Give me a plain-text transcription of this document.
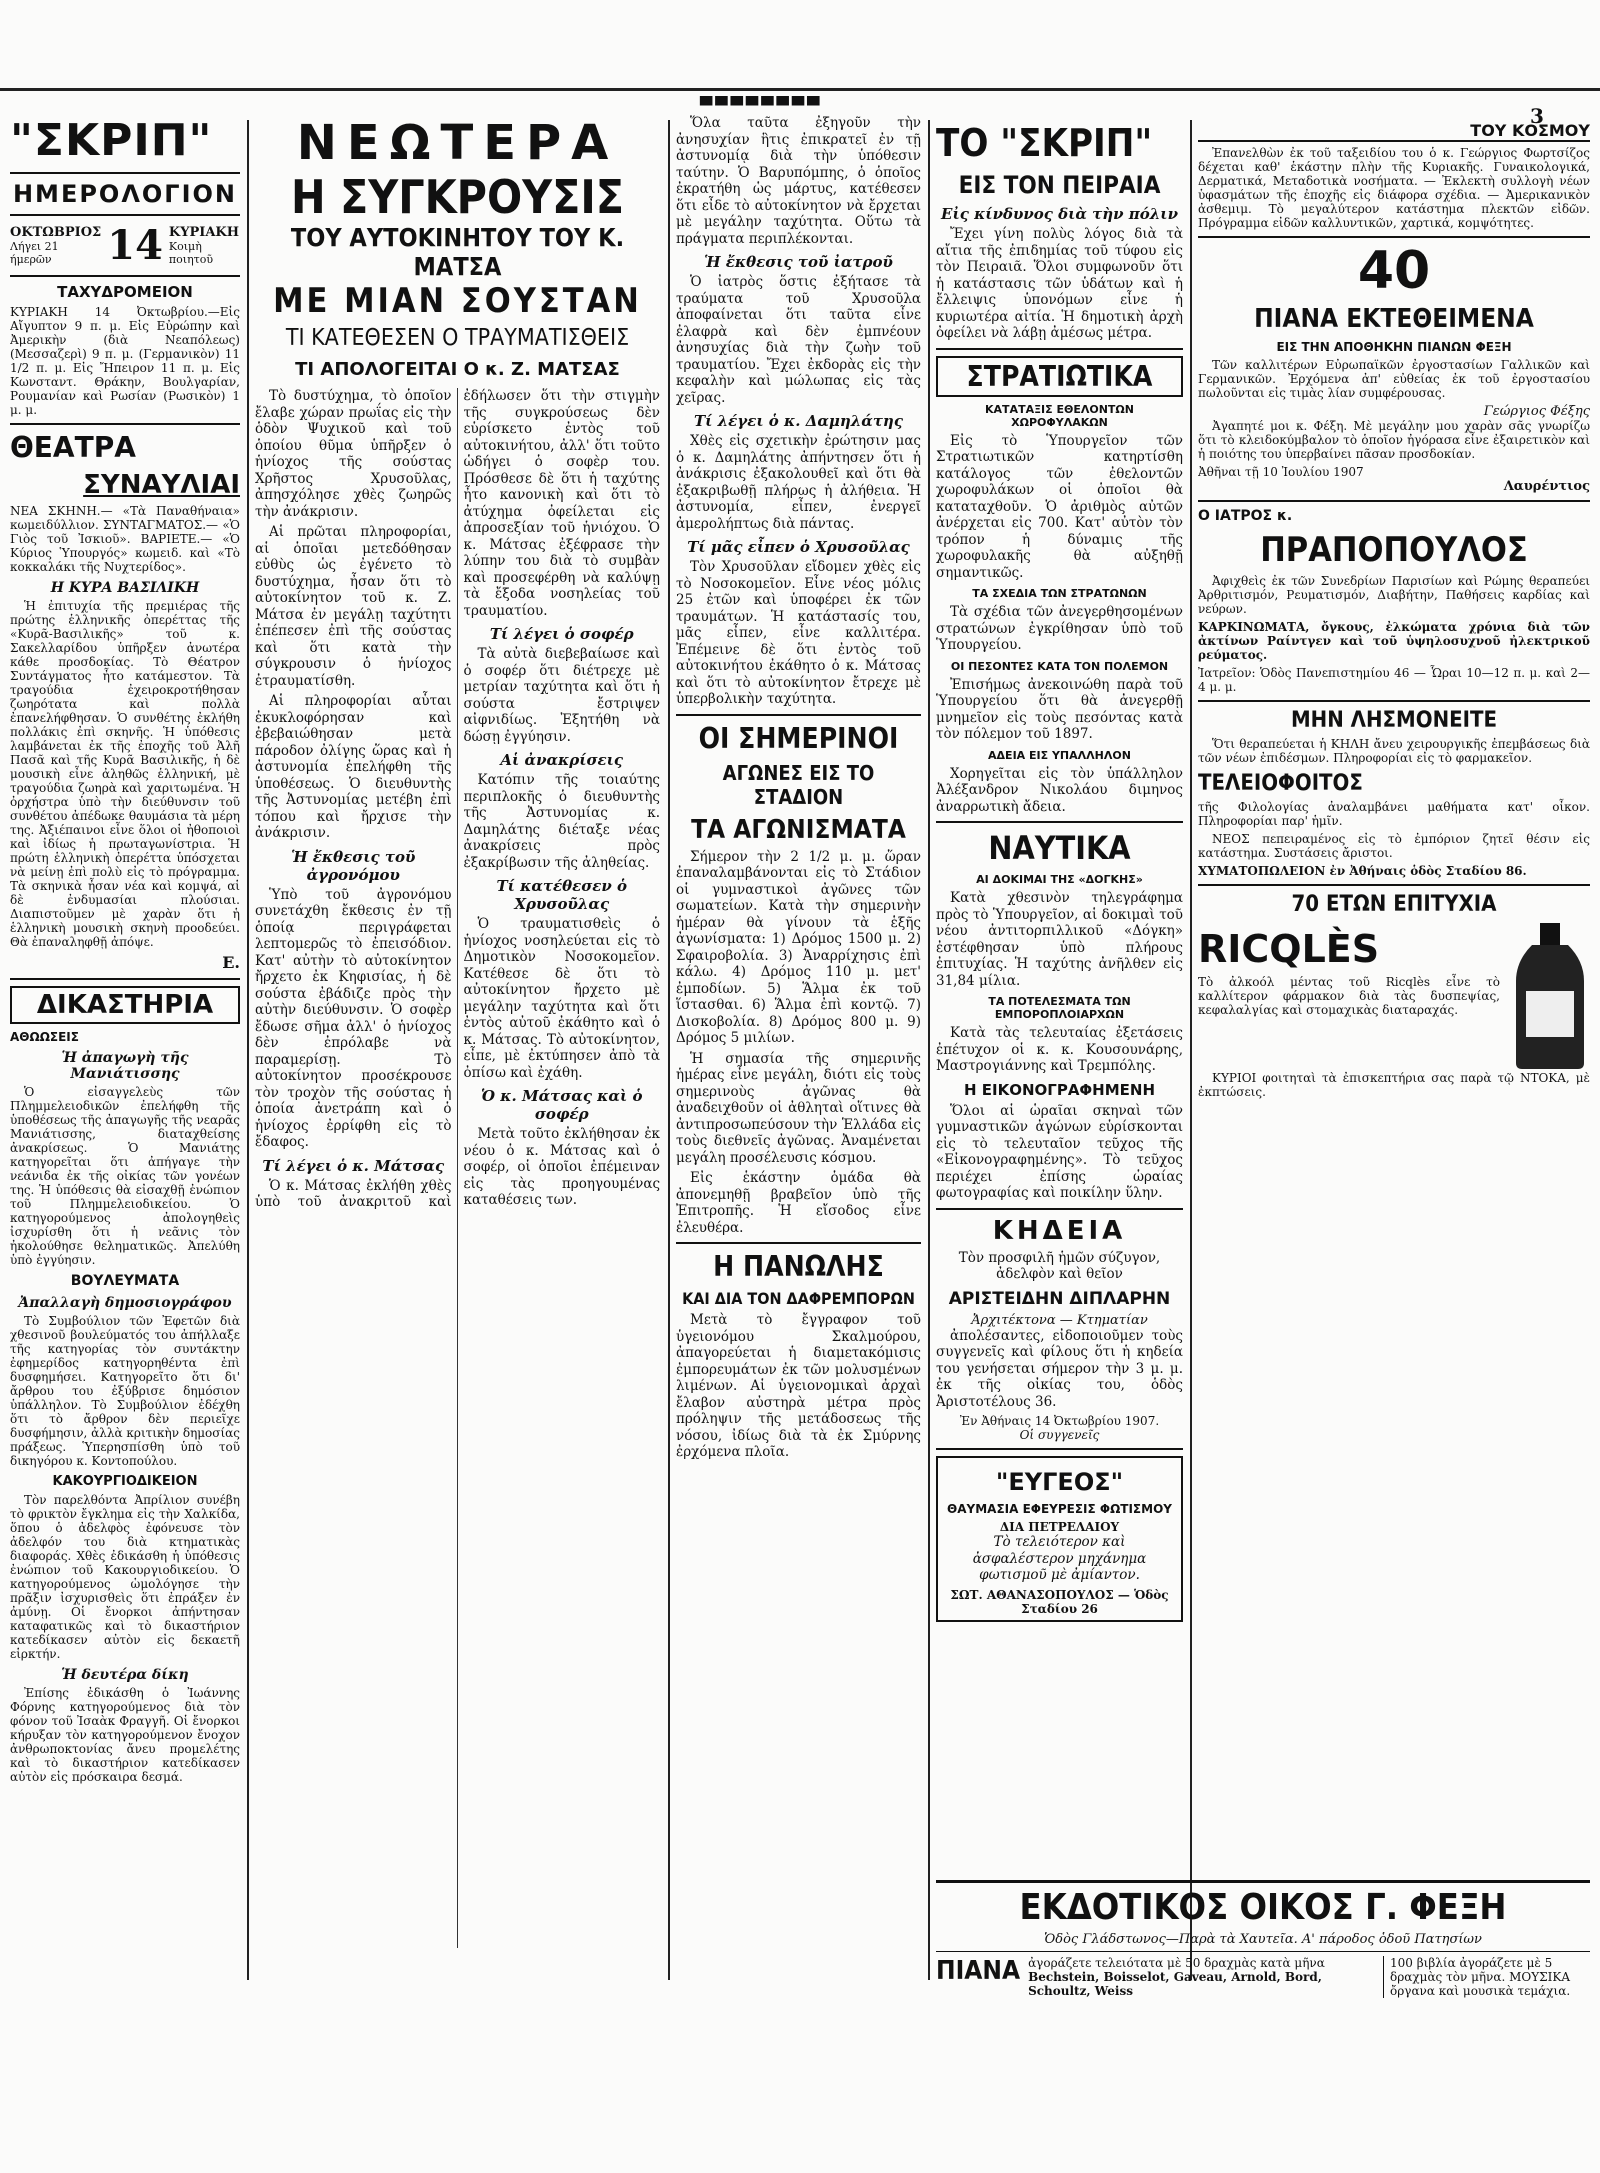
▀▀▀▀▀▀▀▀	3
"ΣΚΡΙΠ"
ΗΜΕΡΟΛΟΓΙΟΝ
ΟΚΤΩΒΡΙΟΣ
Λήγει 21 ήμερῶν	14 ΚΥΡΙΑΚΗ
Κοιμὴ ποιητοῦ
ΤΑΧΥΔΡΟΜΕΙΟΝ

ΚΥΡΙΑΚΗ 14 Ὀκτωβρίου.—Εἰς Αἴγυπτον 9 π. μ. Εἰς Εὐρώπην καὶ Ἀμερικὴν (διὰ Νεαπόλεως) (Μεσσαζερὶ) 9 π. μ. (Γερμανικὸν) 11 1/2 π. μ. Εἰς Ἤπειρον 11 π. μ. Εἰς Κωνσταντ. Θράκην, Βουλγαρίαν, Ρουμανίαν καὶ Ρωσίαν (Ρωσικὸν) 1 μ. μ.

ΘΕΑΤΡΑ
ΣΥΝΑΥΛΙΑΙ

ΝΕΑ ΣΚΗΝΗ.— «Τὰ Παναθήναια» κωμειδύλλιον. ΣΥΝΤΑΓΜΑΤΟΣ.— «Ὁ Γιὸς τοῦ Ἰσκιοῦ». ΒΑΡΙΕΤΕ.— «Ὁ Κύριος Ὑπουργός» κωμειδ. καὶ «Τὸ κοκκαλάκι τῆς Νυχτερίδος».

Η ΚΥΡΑ ΒΑΣΙΛΙΚΗ

Ἡ ἐπιτυχία τῆς πρεμιέρας τῆς πρώτης ἑλληνικῆς ὀπερέττας τῆς «Κυρᾶ-Βασιλικῆς» τοῦ κ. Σακελλαρίδου ὑπῆρξεν ἀνωτέρα κάθε προσδοκίας. Τὸ Θέατρον Συντάγματος ἦτο κατάμεστον. Τὰ τραγούδια ἐχειροκροτήθησαν ζωηρότατα καὶ πολλὰ ἐπανελήφθησαν. Ὁ συνθέτης ἐκλήθη πολλάκις ἐπὶ σκηνῆς. Ἡ ὑπόθεσις λαμβάνεται ἐκ τῆς ἐποχῆς τοῦ Ἀλῆ Πασᾶ καὶ τῆς Κυρᾶ Βασιλικῆς, ἡ δὲ μουσικὴ εἶνε ἀληθῶς ἑλληνική, μὲ τραγούδια ζωηρὰ καὶ χαριτωμένα. Ἡ ὀρχήστρα ὑπὸ τὴν διεύθυνσιν τοῦ συνθέτου ἀπέδωκε θαυμάσια τὰ μέρη της. Ἀξιέπαινοι εἶνε ὅλοι οἱ ἠθοποιοὶ καὶ ἰδίως ἡ πρωταγωνίστρια. Ἡ πρώτη ἑλληνικὴ ὀπερέττα ὑπόσχεται νὰ μείνῃ ἐπὶ πολὺ εἰς τὸ πρόγραμμα. Τὰ σκηνικὰ ἦσαν νέα καὶ κομψά, αἱ δὲ ἐνδυμασίαι πλούσιαι. Διαπιστοῦμεν μὲ χαρὰν ὅτι ἡ ἑλληνικὴ μουσικὴ σκηνὴ προοδεύει. Θὰ ἐπαναληφθῇ ἀπόψε.

Ε.
ΔΙΚΑΣΤΗΡΙΑ
ΑΘΩΩΣΕΙΣ
Ἡ ἀπαγωγὴ τῆς Μανιάτισσης

Ὁ εἰσαγγελεὺς τῶν Πλημμελειοδικῶν ἐπελήφθη τῆς ὑποθέσεως τῆς ἀπαγωγῆς τῆς νεαρᾶς Μανιάτισσης, διαταχθείσης ἀνακρίσεως. Ὁ Μανιάτης κατηγορεῖται ὅτι ἀπήγαγε τὴν νεάνιδα ἐκ τῆς οἰκίας τῶν γονέων της. Ἡ ὑπόθεσις θὰ εἰσαχθῇ ἐνώπιον τοῦ Πλημμελειοδικείου. Ὁ κατηγορούμενος ἀπολογηθεὶς ἰσχυρίσθη ὅτι ἡ νεᾶνις τὸν ἠκολούθησε θεληματικῶς. Ἀπελύθη ὑπὸ ἐγγύησιν.

ΒΟΥΛΕΥΜΑΤΑ
Ἀπαλλαγὴ δημοσιογράφου

Τὸ Συμβούλιον τῶν Ἐφετῶν διὰ χθεσινοῦ βουλεύματός του ἀπήλλαξε τῆς κατηγορίας τὸν συντάκτην ἐφημερίδος κατηγορηθέντα ἐπὶ δυσφημήσει. Κατηγορεῖτο ὅτι δι' ἄρθρου του ἐξύβρισε δημόσιον ὑπάλληλον. Τὸ Συμβούλιον ἐδέχθη ὅτι τὸ ἄρθρον δὲν περιεῖχε δυσφήμησιν, ἀλλὰ κριτικὴν δημοσίας πράξεως. Ὑπερησπίσθη ὑπὸ τοῦ δικηγόρου κ. Κοντοπούλου.

ΚΑΚΟΥΡΓΙΟΔΙΚΕΙΟΝ

Τὸν παρελθόντα Ἀπρίλιον συνέβη τὸ φρικτὸν ἔγκλημα εἰς τὴν Χαλκίδα, ὅπου ὁ ἀδελφὸς ἐφόνευσε τὸν ἀδελφόν του διὰ κτηματικὰς διαφοράς. Χθὲς ἐδικάσθη ἡ ὑπόθεσις ἐνώπιον τοῦ Κακουργιοδικείου. Ὁ κατηγορούμενος ὡμολόγησε τὴν πρᾶξιν ἰσχυρισθεὶς ὅτι ἐπράξεν ἐν ἀμύνῃ. Οἱ ἔνορκοι ἀπήντησαν καταφατικῶς καὶ τὸ δικαστήριον κατεδίκασεν αὐτὸν εἰς δεκαετῆ εἱρκτήν.

Ἡ δευτέρα δίκη

Ἐπίσης ἐδικάσθη ὁ Ἰωάννης Φόρνης κατηγορούμενος διὰ τὸν φόνον τοῦ Ἰσαὰκ Φραγγῆ. Οἱ ἔνορκοι κήρυξαν τὸν κατηγορούμενον ἔνοχον ἀνθρωποκτονίας ἄνευ προμελέτης καὶ τὸ δικαστήριον κατεδίκασεν αὐτὸν εἰς πρόσκαιρα δεσμά.

ΝΕΩΤΕΡΑ
Η ΣΥΓΚΡΟΥΣΙΣ
ΤΟΥ ΑΥΤΟΚΙΝΗΤΟΥ ΤΟΥ Κ. ΜΑΤΣΑ
ΜΕ ΜΙΑΝ ΣΟΥΣΤΑΝ
ΤΙ ΚΑΤΕΘΕΣΕΝ Ο ΤΡΑΥΜΑΤΙΣΘΕΙΣ
ΤΙ ΑΠΟΛΟΓΕΙΤΑΙ Ο κ. Ζ. ΜΑΤΣΑΣ

Τὸ δυστύχημα, τὸ ὁποῖον ἔλαβε χώραν πρωΐας εἰς τὴν ὁδὸν Ψυχικοῦ καὶ τοῦ ὁποίου θῦμα ὑπῆρξεν ὁ ἡνίοχος τῆς σούστας Χρῆστος Χρυσοῦλας, ἀπησχόλησε χθὲς ζωηρῶς τὴν ἀνάκρισιν.

Αἱ πρῶται πληροφορίαι, αἱ ὁποῖαι μετεδόθησαν εὐθὺς ὡς ἐγένετο τὸ δυστύχημα, ἦσαν ὅτι τὸ αὐτοκίνητον τοῦ κ. Ζ. Μάτσα ἐν μεγάλῃ ταχύτητι ἐπέπεσεν ἐπὶ τῆς σούστας καὶ ὅτι κατὰ τὴν σύγκρουσιν ὁ ἡνίοχος ἐτραυματίσθη.

Αἱ πληροφορίαι αὗται ἐκυκλοφόρησαν καὶ ἐβεβαιώθησαν μετὰ πάροδον ὀλίγης ὥρας καὶ ἡ ἀστυνομία ἐπελήφθη τῆς ὑποθέσεως. Ὁ διευθυντὴς τῆς Ἀστυνομίας μετέβη ἐπὶ τόπου καὶ ἤρχισε τὴν ἀνάκρισιν.

Ἡ ἔκθεσις τοῦ ἀγρονόμου

Ὑπὸ τοῦ ἀγρονόμου συνετάχθη ἔκθεσις ἐν τῇ ὁποίᾳ περιγράφεται λεπτομερῶς τὸ ἐπεισόδιον. Κατ' αὐτὴν τὸ αὐτοκίνητον ἤρχετο ἐκ Κηφισίας, ἡ δὲ σούστα ἐβάδιζε πρὸς τὴν αὐτὴν διεύθυνσιν. Ὁ σοφὲρ ἔδωσε σῆμα ἀλλ' ὁ ἡνίοχος δὲν ἐπρόλαβε νὰ παραμερίσῃ. Τὸ αὐτοκίνητον προσέκρουσε τὸν τροχὸν τῆς σούστας ἡ ὁποία ἀνετράπη καὶ ὁ ἡνίοχος ἐρρίφθη εἰς τὸ ἔδαφος.

Τί λέγει ὁ κ. Μάτσας

Ὁ κ. Μάτσας ἐκλήθη χθὲς ὑπὸ τοῦ ἀνακριτοῦ καὶ ἐδήλωσεν ὅτι τὴν στιγμὴν τῆς συγκρούσεως δὲν εὑρίσκετο ἐντὸς τοῦ αὐτοκινήτου, ἀλλ' ὅτι τοῦτο ὡδήγει ὁ σοφὲρ του. Πρόσθεσε δὲ ὅτι ἡ ταχύτης ἦτο κανονικὴ καὶ ὅτι τὸ ἀτύχημα ὀφείλεται εἰς ἀπροσεξίαν τοῦ ἡνιόχου. Ὁ κ. Μάτσας ἐξέφρασε τὴν λύπην του διὰ τὸ συμβὰν καὶ προσεφέρθη νὰ καλύψῃ τὰ ἔξοδα νοσηλείας τοῦ τραυματίου.

Τί λέγει ὁ σοφέρ

Τὰ αὐτὰ διεβεβαίωσε καὶ ὁ σοφέρ ὅτι διέτρεχε μὲ μετρίαν ταχύτητα καὶ ὅτι ἡ σούστα ἔστριψεν αἰφνιδίως. Ἐξητήθη νὰ δώσῃ ἐγγύησιν.

Αἱ ἀνακρίσεις

Κατόπιν τῆς τοιαύτης περιπλοκῆς ὁ διευθυντὴς τῆς Ἀστυνομίας κ. Δαμηλάτης διέταξε νέας ἀνακρίσεις πρὸς ἐξακρίβωσιν τῆς ἀληθείας.

Τί κατέθεσεν ὁ Χρυσοῦλας

Ὁ τραυματισθεὶς ὁ ἡνίοχος νοσηλεύεται εἰς τὸ Δημοτικὸν Νοσοκομεῖον. Κατέθεσε δὲ ὅτι τὸ αὐτοκίνητον ἤρχετο μὲ μεγάλην ταχύτητα καὶ ὅτι ἐντὸς αὐτοῦ ἐκάθητο καὶ ὁ κ. Μάτσας. Τὸ αὐτοκίνητον, εἶπε, μὲ ἐκτύπησεν ἀπὸ τὰ ὀπίσω καὶ ἐχάθη.

Ὁ κ. Μάτσας καὶ ὁ σοφέρ

Μετὰ τοῦτο ἐκλήθησαν ἐκ νέου ὁ κ. Μάτσας καὶ ὁ σοφέρ, οἱ ὁποῖοι ἐπέμειναν εἰς τὰς προηγουμένας καταθέσεις των.

Ὅλα ταῦτα ἐξηγοῦν τὴν ἀνησυχίαν ἣτις ἐπικρατεῖ ἐν τῇ ἀστυνομίᾳ διὰ τὴν ὑπόθεσιν ταύτην. Ὁ Βαρυπόμπης, ὁ ὁποῖος ἐκρατήθη ὡς μάρτυς, κατέθεσεν ὅτι εἶδε τὸ αὐτοκίνητον νὰ ἔρχεται μὲ μεγάλην ταχύτητα. Οὕτω τὰ πράγματα περιπλέκονται.

Ἡ ἔκθεσις τοῦ ἰατροῦ

Ὁ ἰατρὸς ὅστις ἐξήτασε τὰ τραύματα τοῦ Χρυσοῦλα ἀποφαίνεται ὅτι ταῦτα εἶνε ἐλαφρὰ καὶ δὲν ἐμπνέουν ἀνησυχίας διὰ τὴν ζωὴν τοῦ τραυματίου. Ἔχει ἐκδορὰς εἰς τὴν κεφαλὴν καὶ μώλωπας εἰς τὰς χεῖρας.

Τί λέγει ὁ κ. Δαμηλάτης

Χθὲς εἰς σχετικὴν ἐρώτησιν μας ὁ κ. Δαμηλάτης ἀπήντησεν ὅτι ἡ ἀνάκρισις ἐξακολουθεῖ καὶ ὅτι θὰ ἐξακριβωθῇ πλήρως ἡ ἀλήθεια. Ἡ ἀστυνομία, εἶπεν, ἐνεργεῖ ἀμερολήπτως διὰ πάντας.

Τί μᾶς εἶπεν ὁ Χρυσοῦλας

Τὸν Χρυσοῦλαν εἴδομεν χθὲς εἰς τὸ Νοσοκομεῖον. Εἶνε νέος μόλις 25 ἐτῶν καὶ ὑποφέρει ἐκ τῶν τραυμάτων. Ἡ κατάστασίς του, μᾶς εἶπεν, εἶνε καλλιτέρα. Ἐπέμεινε δὲ ὅτι ἐντὸς τοῦ αὐτοκινήτου ἐκάθητο ὁ κ. Μάτσας καὶ ὅτι τὸ αὐτοκίνητον ἔτρεχε μὲ ὑπερβολικὴν ταχύτητα.

ΟΙ ΣΗΜΕΡΙΝΟΙ
ΑΓΩΝΕΣ ΕΙΣ ΤΟ ΣΤΑΔΙΟΝ
ΤΑ ΑΓΩΝΙΣΜΑΤΑ

Σήμερον τὴν 2 1/2 μ. μ. ὥραν ἐπαναλαμβάνονται εἰς τὸ Στάδιον οἱ γυμναστικοὶ ἀγῶνες τῶν σωματείων. Κατὰ τὴν σημερινὴν ἡμέραν θὰ γίνουν τὰ ἑξῆς ἀγωνίσματα: 1) Δρόμος 1500 μ. 2) Σφαιροβολία. 3) Ἀναρρίχησις ἐπὶ κάλω. 4) Δρόμος 110 μ. μετ' ἐμποδίων. 5) Ἅλμα ἐκ τοῦ ἵστασθαι. 6) Ἅλμα ἐπὶ κοντῷ. 7) Δισκοβολία. 8) Δρόμος 800 μ. 9) Δρόμος 5 μιλίων.

Ἡ σημασία τῆς σημερινῆς ἡμέρας εἶνε μεγάλη, διότι εἰς τοὺς σημερινοὺς ἀγῶνας θὰ ἀναδειχθοῦν οἱ ἀθληταὶ οἵτινες θὰ ἀντιπροσωπεύσουν τὴν Ἑλλάδα εἰς τοὺς διεθνεῖς ἀγῶνας. Ἀναμένεται μεγάλη προσέλευσις κόσμου.

Εἰς ἑκάστην ὁμάδα θὰ ἀπονεμηθῇ βραβεῖον ὑπὸ τῆς Ἐπιτροπῆς. Ἡ εἴσοδος εἶνε ἐλευθέρα.

Η ΠΑΝΩΛΗΣ
ΚΑΙ ΔΙΑ ΤΟΝ ΔΑΦΡΕΜΠΟΡΩΝ

Μετὰ τὸ ἔγγραφον τοῦ ὑγειονόμου Σκαλμούρου, ἀπαγορεύεται ἡ διαμετακόμισις ἐμπορευμάτων ἐκ τῶν μολυσμένων λιμένων. Αἱ ὑγειονομικαὶ ἀρχαὶ ἔλαβον αὐστηρὰ μέτρα πρὸς πρόληψιν τῆς μετάδοσεως τῆς νόσου, ἰδίως διὰ τὰ ἐκ Σμύρνης ἐρχόμενα πλοῖα.

ΤΟ "ΣΚΡΙΠ"
ΕΙΣ ΤΟΝ ΠΕΙΡΑΙΑ
Εἰς κίνδυνος διὰ τὴν πόλιν

Ἔχει γίνη πολὺς λόγος διὰ τὰ αἴτια τῆς ἐπιδημίας τοῦ τύφου εἰς τὸν Πειραιᾶ. Ὅλοι συμφωνοῦν ὅτι ἡ κατάστασις τῶν ὑδάτων καὶ ἡ ἔλλειψις ὑπονόμων εἶνε ἡ κυριωτέρα αἰτία. Ἡ δημοτικὴ ἀρχὴ ὀφείλει νὰ λάβῃ ἀμέσως μέτρα.

ΣΤΡΑΤΙΩΤΙΚΑ
ΚΑΤΑΤΑΞΙΣ ΕΘΕΛΟΝΤΩΝ ΧΩΡΟΦΥΛΑΚΩΝ

Εἰς τὸ Ὑπουργεῖον τῶν Στρατιωτικῶν κατηρτίσθη κατάλογος τῶν ἐθελοντῶν χωροφυλάκων οἱ ὁποῖοι θὰ καταταχθοῦν. Ὁ ἀριθμὸς αὐτῶν ἀνέρχεται εἰς 700. Κατ' αὐτὸν τὸν τρόπον ἡ δύναμις τῆς χωροφυλακῆς θὰ αὐξηθῇ σημαντικῶς.

ΤΑ ΣΧΕΔΙΑ ΤΩΝ ΣΤΡΑΤΩΝΩΝ

Τὰ σχέδια τῶν ἀνεγερθησομένων στρατώνων ἐγκρίθησαν ὑπὸ τοῦ Ὑπουργείου.

ΟΙ ΠΕΣΟΝΤΕΣ ΚΑΤΑ ΤΟΝ ΠΟΛΕΜΟΝ

Ἐπισήμως ἀνεκοινώθη παρὰ τοῦ Ὑπουργείου ὅτι θὰ ἀνεγερθῇ μνημεῖον εἰς τοὺς πεσόντας κατὰ τὸν πόλεμον τοῦ 1897.

ΑΔΕΙΑ ΕΙΣ ΥΠΑΛΛΗΛΟΝ

Χορηγεῖται εἰς τὸν ὑπάλληλον Ἀλέξανδρον Νικολάου διμηνος ἀναρρωτικὴ ἄδεια.

ΝΑΥΤΙΚΑ
ΑΙ ΔΟΚΙΜΑΙ ΤΗΣ «ΔΟΓΚΗΣ»

Κατὰ χθεσινὸν τηλεγράφημα πρὸς τὸ Ὑπουργεῖον, αἱ δοκιμαὶ τοῦ νέου ἀντιτορπιλλικοῦ «Δόγκη» ἐστέφθησαν ὑπὸ πλήρους ἐπιτυχίας. Ἡ ταχύτης ἀνῆλθεν εἰς 31,84 μίλια.

ΤΑ ΠΟΤΕΛΕΣΜΑΤΑ ΤΩΝ ΕΜΠΟΡΟΠΛΟΙΑΡΧΩΝ

Κατὰ τὰς τελευταίας ἐξετάσεις ἐπέτυχον οἱ κ. κ. Κουσουνάρης, Μαστρογιάννης καὶ Τρεμπόλης.

Η ΕΙΚΟΝΟΓΡΑΦΗΜΕΝΗ

Ὅλοι αἱ ὡραῖαι σκηναὶ τῶν γυμναστικῶν ἀγώνων εὑρίσκονται εἰς τὸ τελευταῖον τεῦχος τῆς «Εἰκονογραφημένης». Τὸ τεῦχος περιέχει ἐπίσης ὡραίας φωτογραφίας καὶ ποικίλην ὕλην.

ΚΗΔΕΙΑ

Τὸν προσφιλῆ ἡμῶν σύζυγον, ἀδελφὸν καὶ θεῖον

ΑΡΙΣΤΕΙΔΗΝ ΔΙΠΛΑΡΗΝ
Ἀρχιτέκτονα — Κτηματίαν

ἀπολέσαντες, εἰδοποιοῦμεν τοὺς συγγενεῖς καὶ φίλους ὅτι ἡ κηδεία του γενήσεται σήμερον τὴν 3 μ. μ. ἐκ τῆς οἰκίας του, ὁδὸς Ἀριστοτέλους 36.

Ἐν Ἀθήναις 14 Ὀκτωβρίου 1907.
Οἱ συγγενεῖς
"ΕΥΓΕΟΣ"
ΘΑΥΜΑΣΙΑ ΕΦΕΥΡΕΣΙΣ ΦΩΤΙΣΜΟΥ
ΔΙΑ ΠΕΤΡΕΛΑΙΟΥ

Τὸ τελειότερον καὶ ἀσφαλέστερον μηχάνημα φωτισμοῦ μὲ ἀμίαντον.

ΣΩΤ. ΑΘΑΝΑΣΟΠΟΥΛΟΣ — Ὁδὸς Σταδίου 26
ΤΟΥ ΚΟΣΜΟΥ

Ἐπανελθὼν ἐκ τοῦ ταξειδίου του ὁ κ. Γεώργιος Φωρτσίζος δέχεται καθ' ἑκάστην πλὴν τῆς Κυριακῆς. Γυναικολογικά, Δερματικά, Μεταδοτικὰ νοσήματα. — Ἐκλεκτὴ συλλογὴ νέων ὑφασμάτων τῆς ἐποχῆς εἰς διάφορα σχέδια. — Ἀμερικανικὸν ἀσθεμιμ. Τὸ μεγαλύτερον κατάστημα πλεκτῶν εἰδῶν. Πρόγραμμα εἰδῶν καλλυντικῶν, χαρτικά, κομψότητες.

40
ΠΙΑΝΑ ΕΚΤΕΘΕΙΜΕΝΑ
ΕΙΣ ΤΗΝ ΑΠΟΘΗΚΗΝ ΠΙΑΝΩΝ ΦΕΞΗ

Τῶν καλλιτέρων Εὐρωπαϊκῶν ἐργοστασίων Γαλλικῶν καὶ Γερμανικῶν. Ἐρχόμενα ἀπ' εὐθείας ἐκ τοῦ ἐργοστασίου πωλοῦνται εἰς τιμὰς λίαν συμφέρουσας.

Γεώργιος Φέξης

Ἀγαπητέ μοι κ. Φέξη. Μὲ μεγάλην μου χαρὰν σᾶς γνωρίζω ὅτι τὸ κλειδοκύμβαλον τὸ ὁποῖον ἠγόρασα εἶνε ἐξαιρετικὸν καὶ ἡ ποιότης του ὑπερβαίνει πᾶσαν προσδοκίαν.

Ἀθῆναι τῇ 10 Ἰουλίου 1907
Λαυρέντιος
Ο ΙΑΤΡΟΣ κ.
ΠΡΑΠΟΠΟΥΛΟΣ

Ἀφιχθεὶς ἐκ τῶν Συνεδρίων Παρισίων καὶ Ρώμης θεραπεύει Ἀρθριτισμόν, Ρευματισμόν, Διαβήτην, Παθήσεις καρδίας καὶ νεύρων.

ΚΑΡΚΙΝΩΜΑΤΑ, ὄγκους, ἐλκώματα χρόνια διὰ τῶν ἀκτίνων Ραίντγεν καὶ τοῦ ὑψηλοσυχνοῦ ἠλεκτρικοῦ ρεύματος.

Ἰατρεῖον: Ὁδὸς Πανεπιστημίου 46 — Ὧραι 10—12 π. μ. καὶ 2—4 μ. μ.

ΜΗΝ ΛΗΣΜΟΝΕΙΤΕ

Ὅτι θεραπεύεται ἡ ΚΗΛΗ ἄνευ χειρουργικῆς ἐπεμβάσεως διὰ τῶν νέων ἐπιδέσμων. Πληροφορίαι εἰς τὸ φαρμακεῖον.

ΤΕΛΕΙΟΦΟΙΤΟΣ

τῆς Φιλολογίας ἀναλαμβάνει μαθήματα κατ' οἶκον. Πληροφορίαι παρ' ἡμῖν.

ΝΕΟΣ πεπειραμένος εἰς τὸ ἐμπόριον ζητεῖ θέσιν εἰς κατάστημα. Συστάσεις ἄριστοι.

ΧΥΜΑΤΟΠΩΛΕΙΟΝ ἐν Ἀθήναις ὁδὸς Σταδίου 86.

70 ΕΤΩΝ ΕΠΙΤΥΧΙΑ
RICQLÈS

Τὸ ἀλκοόλ μέντας τοῦ Ricqlès εἶνε τὸ καλλίτερον φάρμακον διὰ τὰς δυσπεψίας, κεφαλαλγίας καὶ στομαχικὰς διαταραχάς.

ΚΥΡΙΟΙ φοιτηταὶ τὰ ἐπισκεπτήρια σας παρὰ τῷ ΝΤΟΚΑ, μὲ ἐκπτώσεις.

ΕΚΔΟΤΙΚΟΣ ΟΙΚΟΣ Γ. ΦΕΞΗ
Ὁδὸς Γλάδστωνος—Παρὰ τὰ Χαυτεῖα. Α' πάροδος ὁδοῦ Πατησίων
ΠΙΑΝΑ ἀγοράζετε τελειότατα μὲ 50 δραχμὰς κατὰ μῆνα
Bechstein, Boisselot, Gaveau, Arnold, Bord, Schoultz, Weiss
100 βιβλία ἀγοράζετε μὲ 5 δραχμὰς τὸν μῆνα. ΜΟΥΣΙΚΑ ὄργανα καὶ μουσικὰ τεμάχια.
